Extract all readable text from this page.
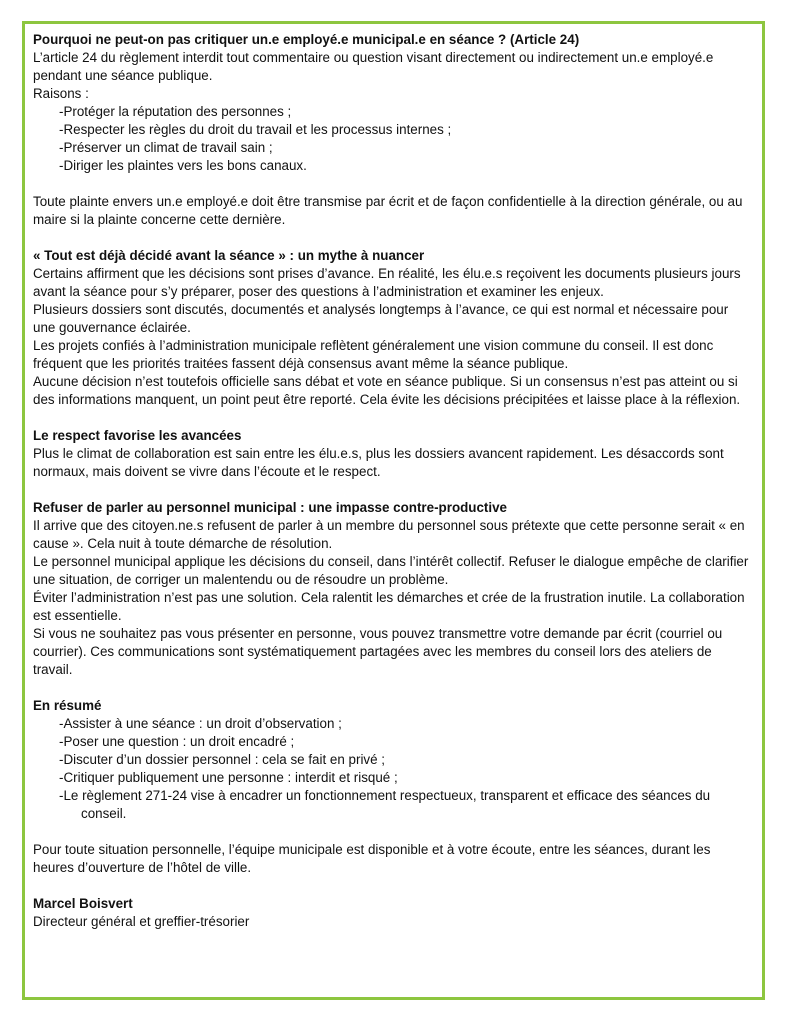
Pourquoi ne peut-on pas critiquer un.e employé.e municipal.e en séance ? (Article 24)

L’article 24 du règlement interdit tout commentaire ou question visant directement ou indirectement un.e employé.e pendant une séance publique.

Raisons :

-Protéger la réputation des personnes ;
-Respecter les règles du droit du travail et les processus internes ;
-Préserver un climat de travail sain ;
-Diriger les plaintes vers les bons canaux.

Toute plainte envers un.e employé.e doit être transmise par écrit et de façon confidentielle à la direction générale, ou au maire si la plainte concerne cette dernière.

« Tout est déjà décidé avant la séance » : un mythe à nuancer

Certains affirment que les décisions sont prises d’avance. En réalité, les élu.e.s reçoivent les documents plusieurs jours avant la séance pour s’y préparer, poser des questions à l’administration et examiner les enjeux.

Plusieurs dossiers sont discutés, documentés et analysés longtemps à l’avance, ce qui est normal et nécessaire pour une gouvernance éclairée.

Les projets confiés à l’administration municipale reflètent généralement une vision commune du conseil. Il est donc fréquent que les priorités traitées fassent déjà consensus avant même la séance publique.

Aucune décision n’est toutefois officielle sans débat et vote en séance publique. Si un consensus n’est pas atteint ou si des informations manquent, un point peut être reporté. Cela évite les décisions précipitées et laisse place à la réflexion.

Le respect favorise les avancées

Plus le climat de collaboration est sain entre les élu.e.s, plus les dossiers avancent rapidement. Les désaccords sont normaux, mais doivent se vivre dans l’écoute et le respect.

Refuser de parler au personnel municipal : une impasse contre-productive

Il arrive que des citoyen.ne.s refusent de parler à un membre du personnel sous prétexte que cette personne serait « en cause ». Cela nuit à toute démarche de résolution.

Le personnel municipal applique les décisions du conseil, dans l’intérêt collectif. Refuser le dialogue empêche de clarifier une situation, de corriger un malentendu ou de résoudre un problème.

Éviter l’administration n’est pas une solution. Cela ralentit les démarches et crée de la frustration inutile. La collaboration est essentielle.

Si vous ne souhaitez pas vous présenter en personne, vous pouvez transmettre votre demande par écrit (courriel ou courrier). Ces communications sont systématiquement partagées avec les membres du conseil lors des ateliers de travail.

En résumé

-Assister à une séance : un droit d’observation ;
-Poser une question : un droit encadré ;
-Discuter d’un dossier personnel : cela se fait en privé ;
-Critiquer publiquement une personne : interdit et risqué ;
-Le règlement 271-24 vise à encadrer un fonctionnement respectueux, transparent et efficace des séances du
conseil.

Pour toute situation personnelle, l’équipe municipale est disponible et à votre écoute, entre les séances, durant les heures d’ouverture de l’hôtel de ville.

Marcel Boisvert

Directeur général et greffier-trésorier
